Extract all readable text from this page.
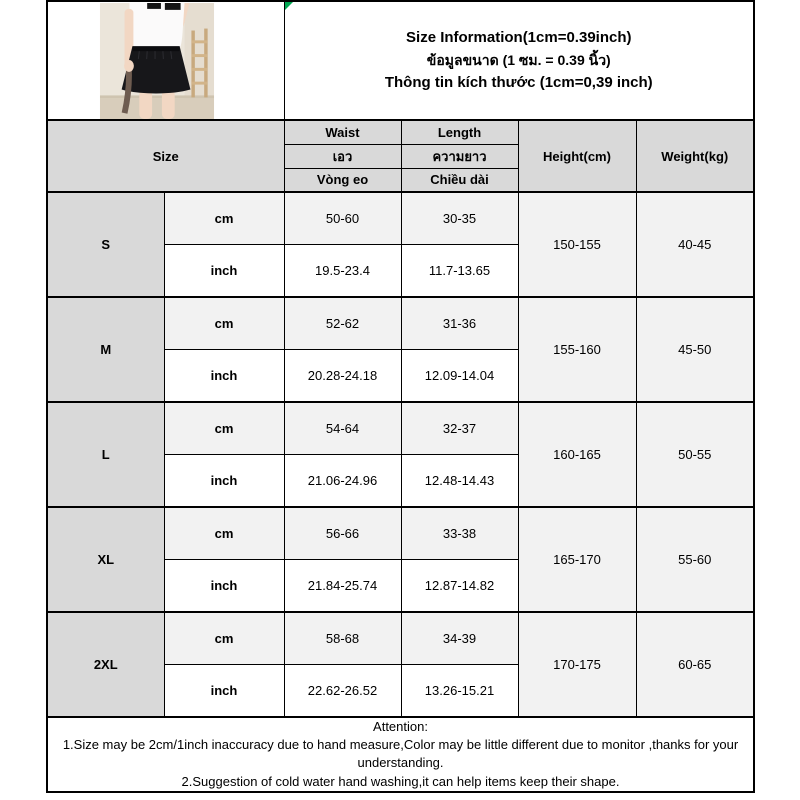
Size Information(1cm=0.39inch)
ข้อมูลขนาด (1 ซม. = 0.39 นิ้ว)
Thông tin kích thước (1cm=0,39 inch)			

Size		Waist	Length	Height(cm)	Weight(kg)
		เอว	ความยาว		
		Vòng eo	Chiều dài		
S	cm	50-60	30-35	150-155	40-45
	inch	19.5-23.4	11.7-13.65		
M	cm	52-62	31-36	155-160	45-50
	inch	20.28-24.18	12.09-14.04		
L	cm	54-64	32-37	160-165	50-55
	inch	21.06-24.96	12.48-14.43		
XL	cm	56-66	33-38	165-170	55-60
	inch	21.84-25.74	12.87-14.82		
2XL	cm	58-68	34-39	170-175	60-65
	inch	22.62-26.52	13.26-15.21		

Attention:
1.Size may be 2cm/1inch inaccuracy due to hand measure,Color may be little different due to monitor ,thanks for your understanding.
2.Suggestion of cold water hand washing,it can help items keep their shape.					
